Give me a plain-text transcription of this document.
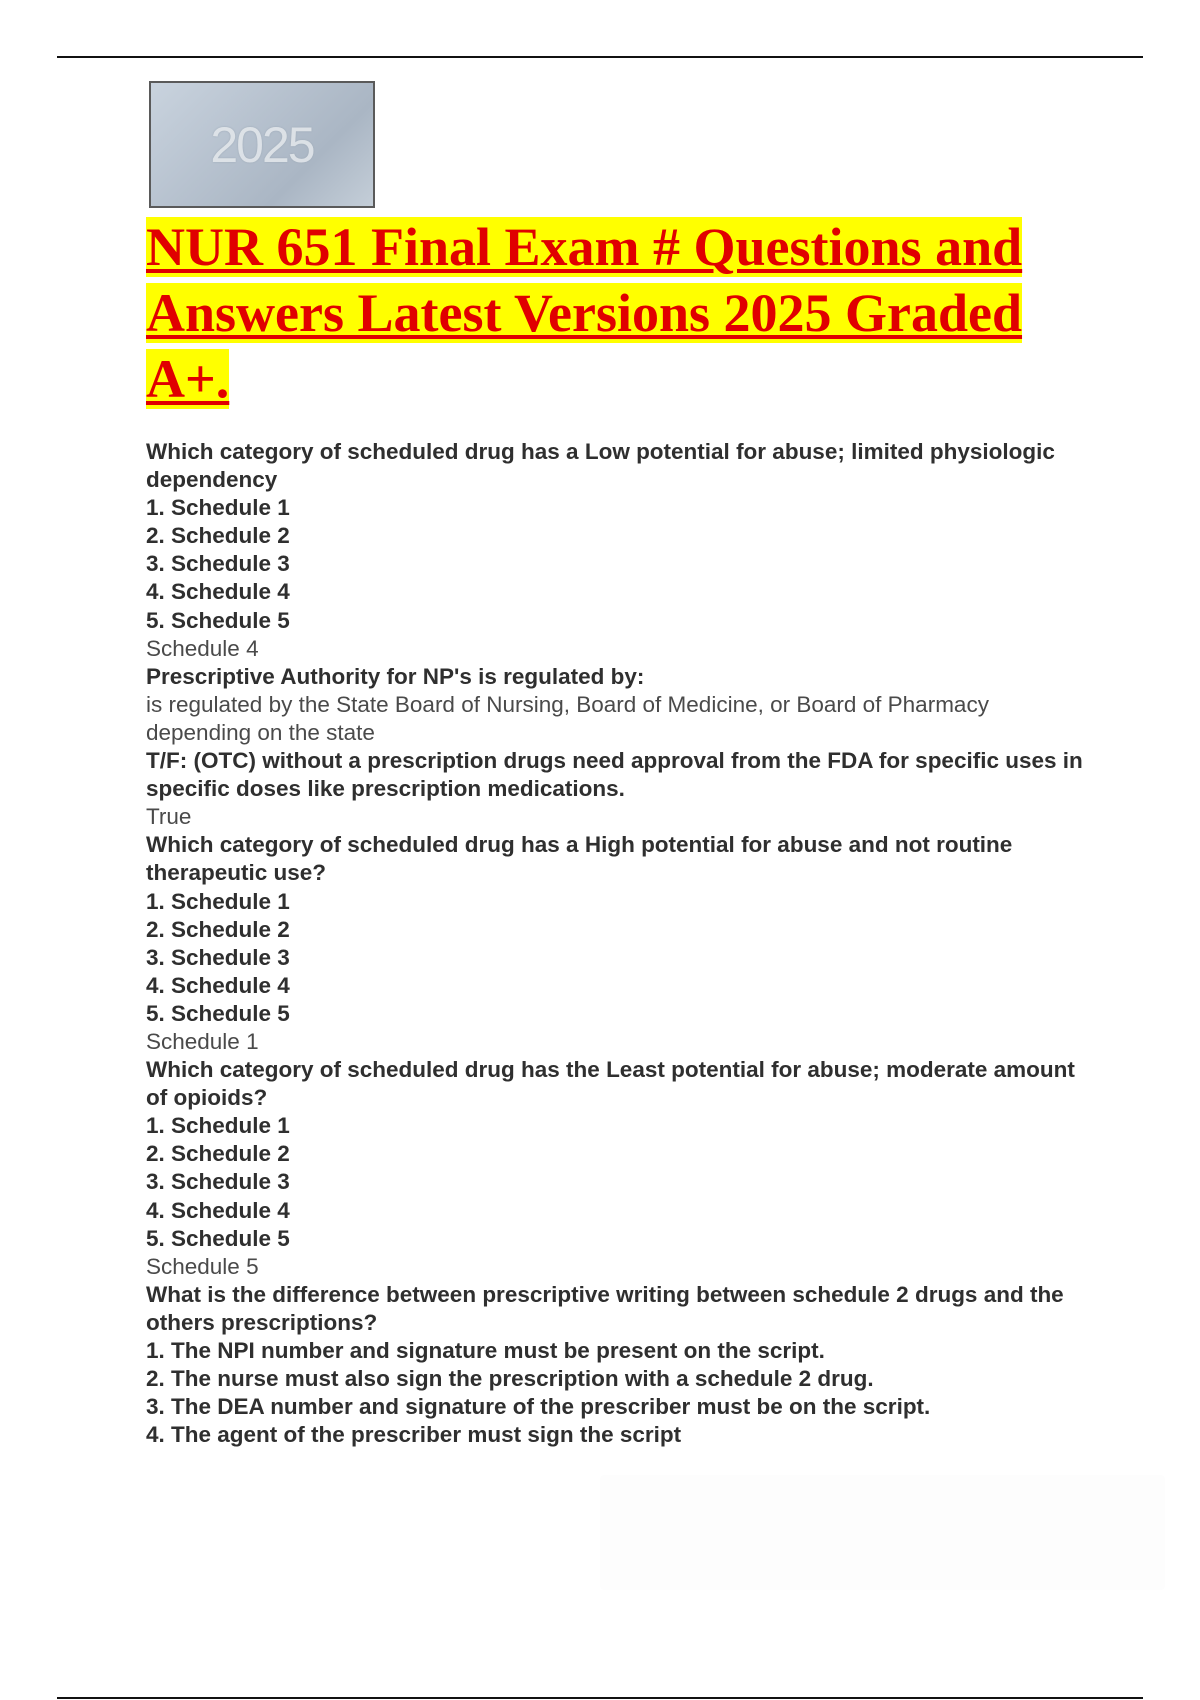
2025
NUR 651 Final Exam # Questions and Answers Latest Versions 2025 Graded A+.

Which category of scheduled drug has a Low potential for abuse; limited physiologic dependency

1. Schedule 1

2. Schedule 2

3. Schedule 3

4. Schedule 4

5. Schedule 5

Schedule 4

Prescriptive Authority for NP's is regulated by:

is regulated by the State Board of Nursing, Board of Medicine, or Board of Pharmacy depending on the state

T/F: (OTC) without a prescription drugs need approval from the FDA for specific uses in specific doses like prescription medications.

True

Which category of scheduled drug has a High potential for abuse and not routine therapeutic use?

1. Schedule 1

2. Schedule 2

3. Schedule 3

4. Schedule 4

5. Schedule 5

Schedule 1

Which category of scheduled drug has the Least potential for abuse; moderate amount of opioids?

1. Schedule 1

2. Schedule 2

3. Schedule 3

4. Schedule 4

5. Schedule 5

Schedule 5

What is the difference between prescriptive writing between schedule 2 drugs and the others prescriptions?

1. The NPI number and signature must be present on the script.

2. The nurse must also sign the prescription with a schedule 2 drug.

3. The DEA number and signature of the prescriber must be on the script.

4. The agent of the prescriber must sign the script
